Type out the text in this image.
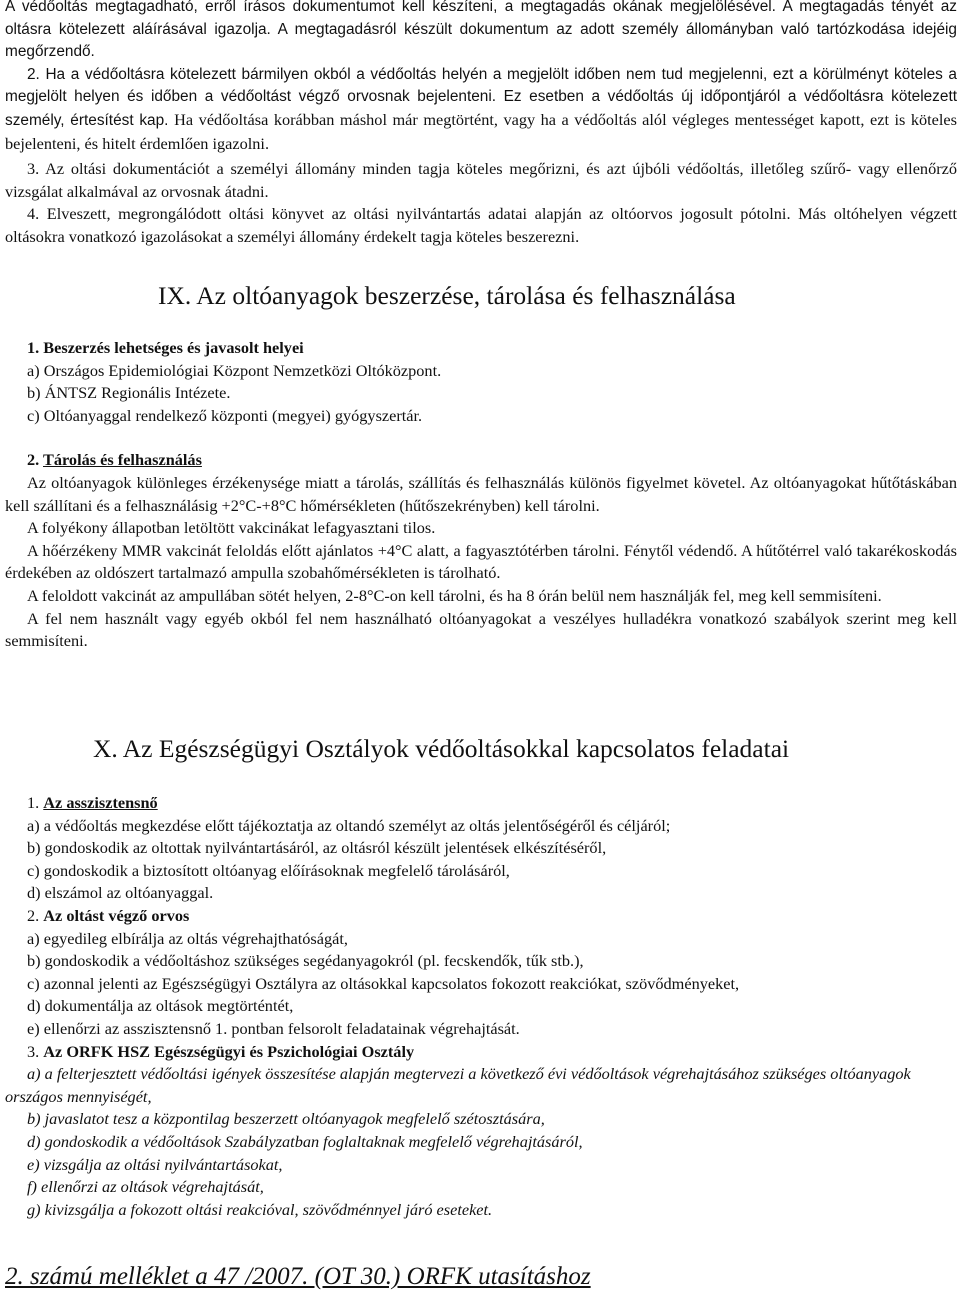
A védőoltás megtagadható, erről írásos dokumentumot kell készíteni, a megtagadás okának megjelölésével. A megtagadás tényét az oltásra kötelezett aláírásával igazolja. A megtagadásról készült dokumentum az adott személy állományban való tartózkodása idejéig megőrzendő.

2. Ha a védőoltásra kötelezett bármilyen okból a védőoltás helyén a megjelölt időben nem tud megjelenni, ezt a körülményt köteles a megjelölt helyen és időben a védőoltást végző orvosnak bejelenteni. Ez esetben a védőoltás új időpontjáról a védőoltásra kötelezett személy, értesítést kap. Ha védőoltása korábban máshol már megtörtént, vagy ha a védőoltás alól végleges mentességet kapott, ezt is köteles bejelenteni, és hitelt érdemlően igazolni.

3. Az oltási dokumentációt a személyi állomány minden tagja köteles megőrizni, és azt újbóli védőoltás, illetőleg szűrő- vagy ellenőrző vizsgálat alkalmával az orvosnak átadni.

4. Elveszett, megrongálódott oltási könyvet az oltási nyilvántartás adatai alapján az oltóorvos jogosult pótolni. Más oltóhelyen végzett oltásokra vonatkozó igazolásokat a személyi állomány érdekelt tagja köteles beszerezni.

IX. Az oltóanyagok beszerzése, tárolása és felhasználása

1. Beszerzés lehetséges és javasolt helyei

a) Országos Epidemiológiai Központ Nemzetközi Oltóközpont.

b) ÁNTSZ Regionális Intézete.

c) Oltóanyaggal rendelkező központi (megyei) gyógyszertár.

2. Tárolás és felhasználás

Az oltóanyagok különleges érzékenysége miatt a tárolás, szállítás és felhasználás különös figyelmet követel. Az oltóanyagokat hűtőtáskában kell szállítani és a felhasználásig +2°C-+8°C hőmérsékleten (hűtőszekrényben) kell tárolni.

A folyékony állapotban letöltött vakcinákat lefagyasztani tilos.

A hőérzékeny MMR vakcinát feloldás előtt ajánlatos +4°C alatt, a fagyasztótérben tárolni. Fénytől védendő. A hűtőtérrel való takarékoskodás érdekében az oldószert tartalmazó ampulla szobahőmérsékleten is tárolható.

A feloldott vakcinát az ampullában sötét helyen, 2-8°C-on kell tárolni, és ha 8 órán belül nem használják fel, meg kell semmisíteni.

A fel nem használt vagy egyéb okból fel nem használható oltóanyagokat a veszélyes hulladékra vonatkozó szabályok szerint meg kell semmisíteni.

X. Az Egészségügyi Osztályok védőoltásokkal kapcsolatos feladatai

1. Az asszisztensnő

a) a védőoltás megkezdése előtt tájékoztatja az oltandó személyt az oltás jelentőségéről és céljáról;

b) gondoskodik az oltottak nyilvántartásáról, az oltásról készült jelentések elkészítéséről,

c) gondoskodik a biztosított oltóanyag előírásoknak megfelelő tárolásáról,

d) elszámol az oltóanyaggal.

2. Az oltást végző orvos

a) egyedileg elbírálja az oltás végrehajthatóságát,

b) gondoskodik a védőoltáshoz szükséges segédanyagokról (pl. fecskendők, tűk stb.),

c) azonnal jelenti az Egészségügyi Osztályra az oltásokkal kapcsolatos fokozott reakciókat, szövődményeket,

d) dokumentálja az oltások megtörténtét,

e) ellenőrzi az asszisztensnő 1. pontban felsorolt feladatainak végrehajtását.

3. Az ORFK HSZ Egészségügyi és Pszichológiai Osztály

a) a felterjesztett védőoltási igények összesítése alapján megtervezi a következő évi védőoltások végrehajtásához szükséges oltóanyagok országos mennyiségét,

b) javaslatot tesz a központilag beszerzett oltóanyagok megfelelő szétosztására,

d) gondoskodik a védőoltások Szabályzatban foglaltaknak megfelelő végrehajtásáról,

e) vizsgálja az oltási nyilvántartásokat,

f) ellenőrzi az oltások végrehajtását,

g) kivizsgálja a fokozott oltási reakcióval, szövődménnyel járó eseteket.

2. számú melléklet a 47 /2007. (OT 30.) ORFK utasításhoz
